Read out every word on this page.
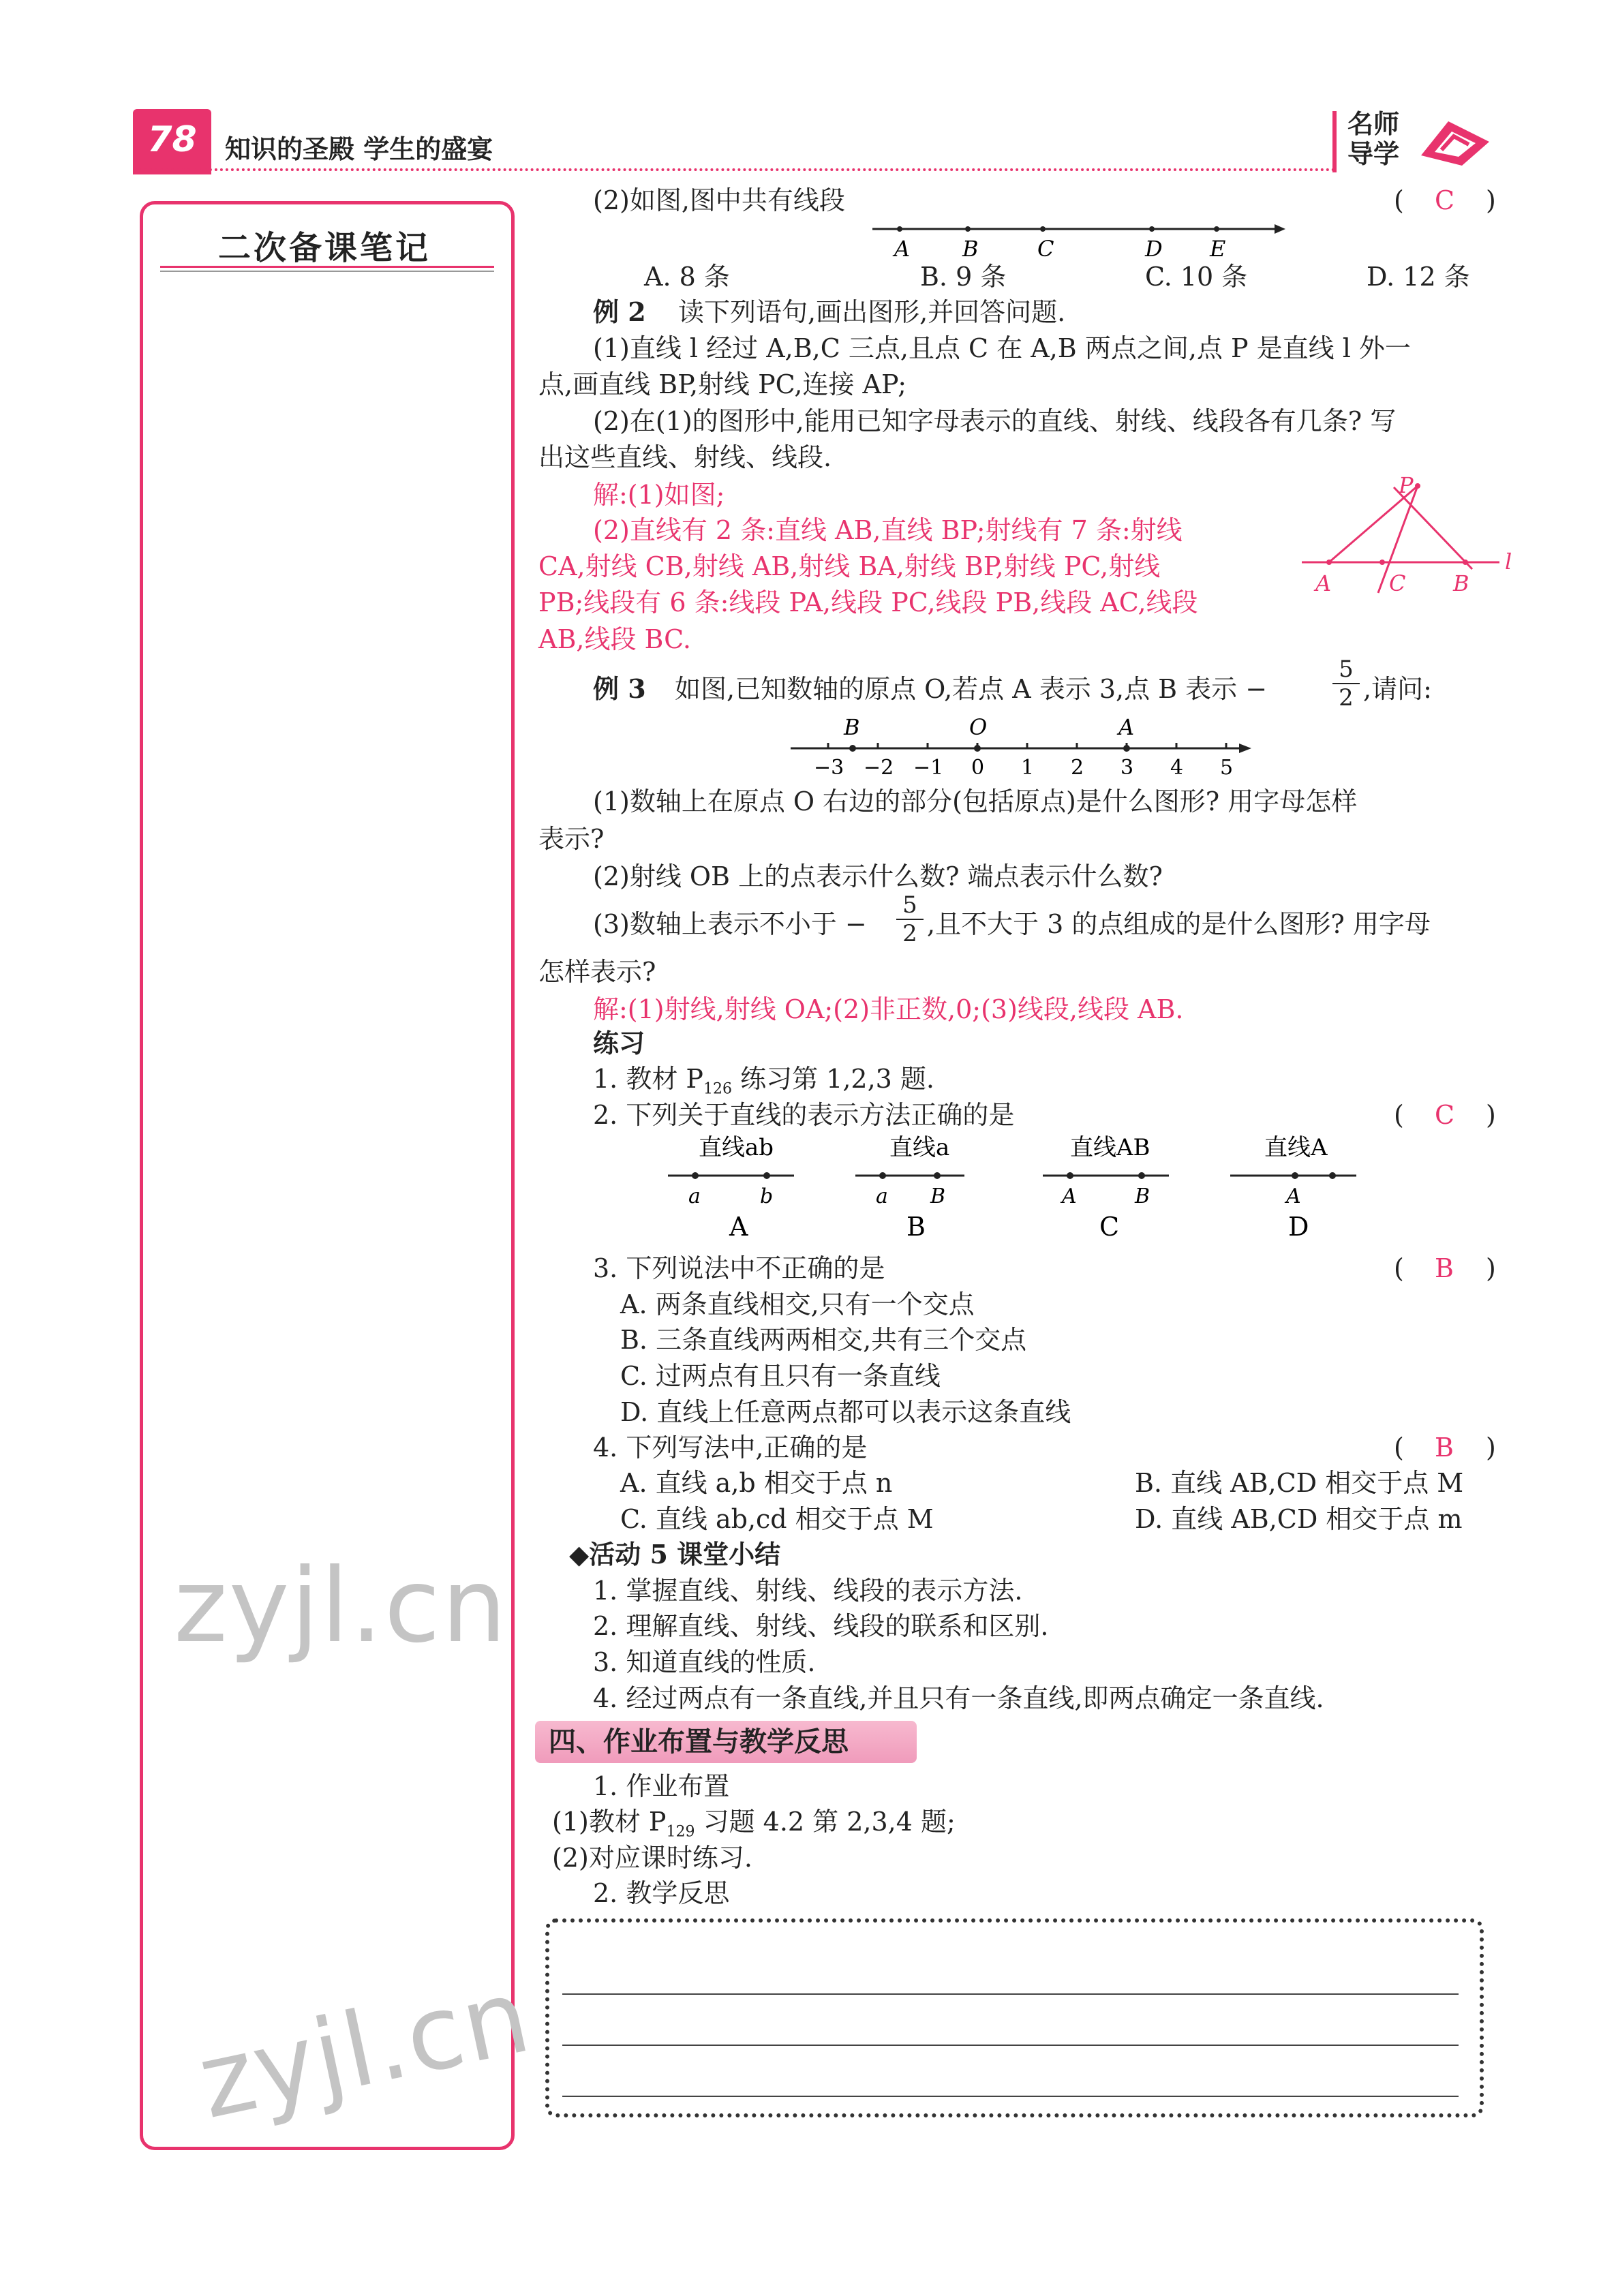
78	知识的圣殿 学生的盛宴
名师
导学
二次备课笔记
zyjl.cn
zyjl.cn
(2)如图,图中共有线段	( C )
A B	C	D E
A. 8 条	B. 9 条	C. 10 条	D. 12 条
例 2 读下列语句,画出图形,并回答问题.
(1)直线 l 经过 A,B,C 三点,且点 C 在 A,B 两点之间,点 P 是直线 l 外一
点,画直线 BP,射线 PC,连接 AP;
(2)在(1)的图形中,能用已知字母表示的直线、射线、线段各有几条? 写
出这些直线、射线、线段.
解:(1)如图;
(2)直线有 2 条:直线 AB,直线 BP;射线有 7 条:射线
CA,射线 CB,射线 AB,射线 BA,射线 BP,射线 PC,射线
PB;线段有 6 条:线段 PA,线段 PC,线段 PB,线段 AC,线段
AB,线段 BC.
P
A	C B
l
例 3 如图,已知数轴的原点 O,若点 A 表示 3,点 B 表示 −	$\frac{5}{2}$ ,请问:
B	O	A
−3 −2 −1 0 1 2 3 4 5
(1)数轴上在原点 O 右边的部分(包括原点)是什么图形? 用字母怎样
表示?
(2)射线 OB 上的点表示什么数? 端点表示什么数?
(3)数轴上表示不小于 − $\frac{5}{2}$ ,且不大于 3 的点组成的是什么图形? 用字母
怎样表示?
解:(1)射线,射线 OA;(2)非正数,0;(3)线段,线段 AB.
练习
1. 教材 $P_{126}$ 练习第 1,2,3 题.
2. 下列关于直线的表示方法正确的是	( C )
直线ab	直线a	直线AB	直线A
a	b	a B	A	B	A
A	B	C	D
3. 下列说法中不正确的是	( B )
A. 两条直线相交,只有一个交点
B. 三条直线两两相交,共有三个交点
C. 过两点有且只有一条直线
D. 直线上任意两点都可以表示这条直线
4. 下列写法中,正确的是	( B )
A. 直线 a,b 相交于点 n	B. 直线 AB,CD 相交于点 M
C. 直线 ab,cd 相交于点 M	D. 直线 AB,CD 相交于点 m
◆活动 5 课堂小结
1. 掌握直线、射线、线段的表示方法.
2. 理解直线、射线、线段的联系和区别.
3. 知道直线的性质.
4. 经过两点有一条直线,并且只有一条直线,即两点确定一条直线.
四、作业布置与教学反思
1. 作业布置
(1)教材 $P_{129}$ 习题 4.2 第 2,3,4 题;
(2)对应课时练习.
2. 教学反思
